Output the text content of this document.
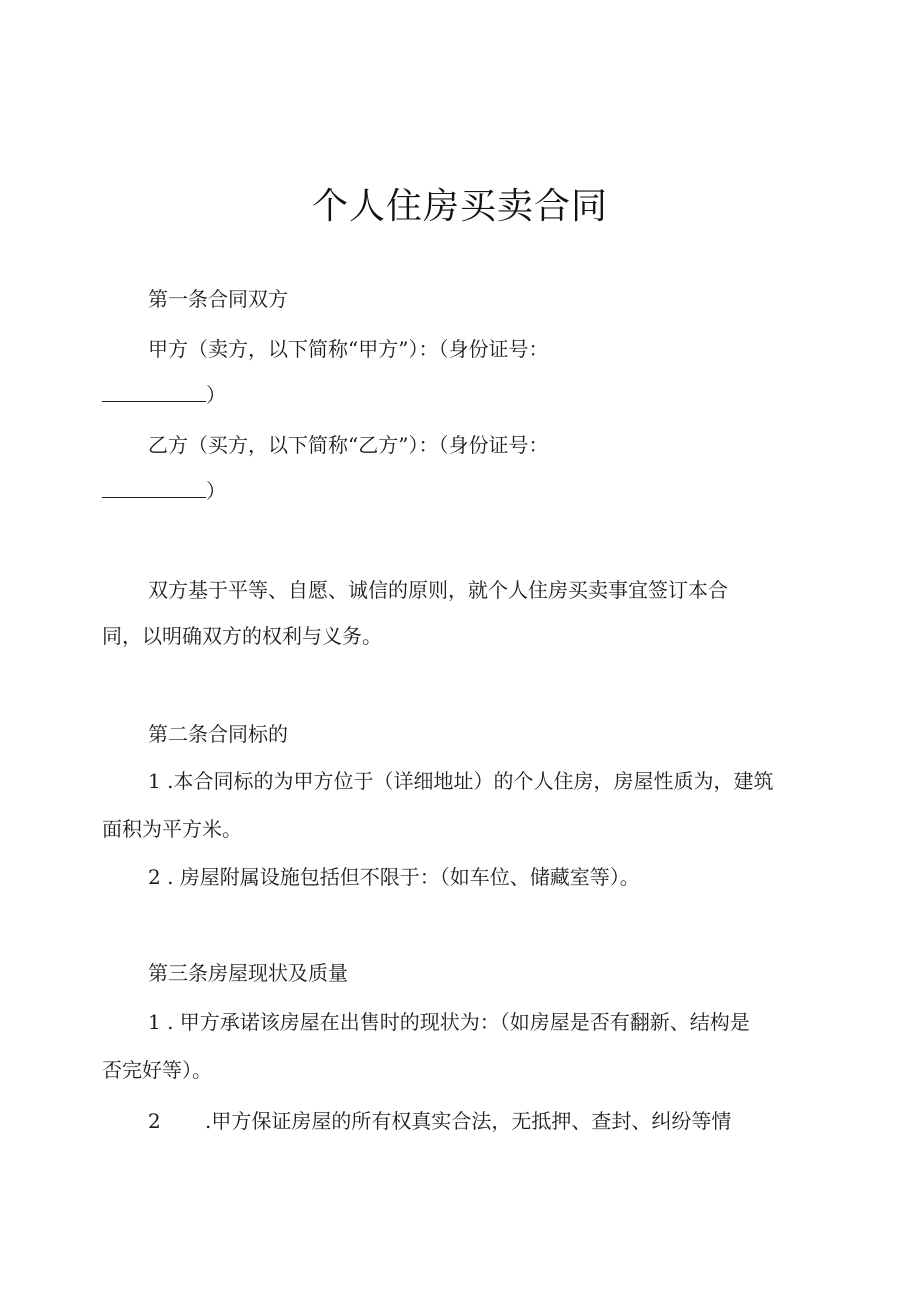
个人住房买卖合同
第一条合同双方
甲方（卖方，以下简称“甲方”）：（身份证号：
）
乙方（买方，以下简称“乙方”）：（身份证号：
）
双方基于平等、自愿、诚信的原则，就个人住房买卖事宜签订本合
同，以明确双方的权利与义务。
第二条合同标的
1 .本合同标的为甲方位于（详细地址）的个人住房，房屋性质为，建筑
面积为平方米。
2 . 房屋附属设施包括但不限于：（如车位、储藏室等）。
第三条房屋现状及质量
1 . 甲方承诺该房屋在出售时的现状为：（如房屋是否有翻新、结构是
否完好等）。
2 .甲方保证房屋的所有权真实合法，无抵押、查封、纠纷等情
